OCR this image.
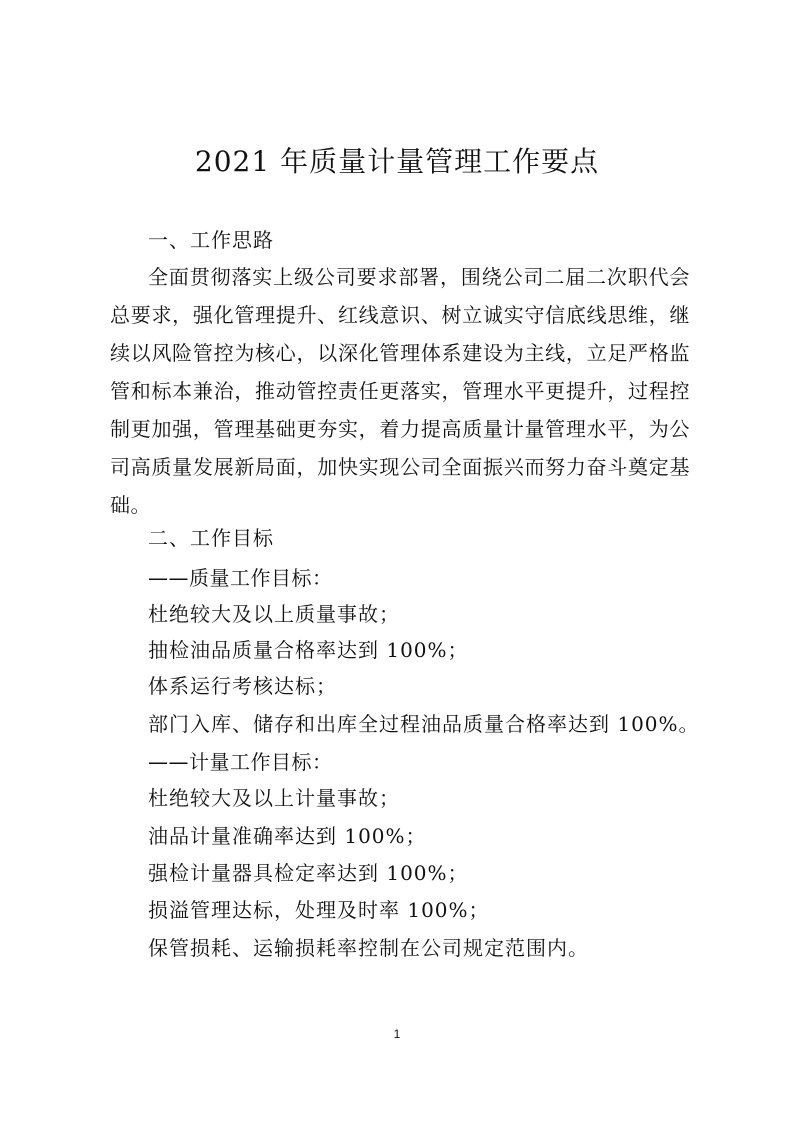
2021 年质量计量管理工作要点
一、工作思路
全面贯彻落实上级公司要求部署，围绕公司二届二次职代会总要求，强化管理提升、红线意识、树立诚实守信底线思维，继续以风险管控为核心，以深化管理体系建设为主线，立足严格监管和标本兼治，推动管控责任更落实，管理水平更提升，过程控制更加强，管理基础更夯实，着力提高质量计量管理水平，为公司高质量发展新局面，加快实现公司全面振兴而努力奋斗奠定基础。
二、工作目标
——质量工作目标：
杜绝较大及以上质量事故；
抽检油品质量合格率达到 100%；
体系运行考核达标；
部门入库、储存和出库全过程油品质量合格率达到 100%。
——计量工作目标：
杜绝较大及以上计量事故；
油品计量准确率达到 100%；
强检计量器具检定率达到 100%；
损溢管理达标，处理及时率 100%；
保管损耗、运输损耗率控制在公司规定范围内。
1
